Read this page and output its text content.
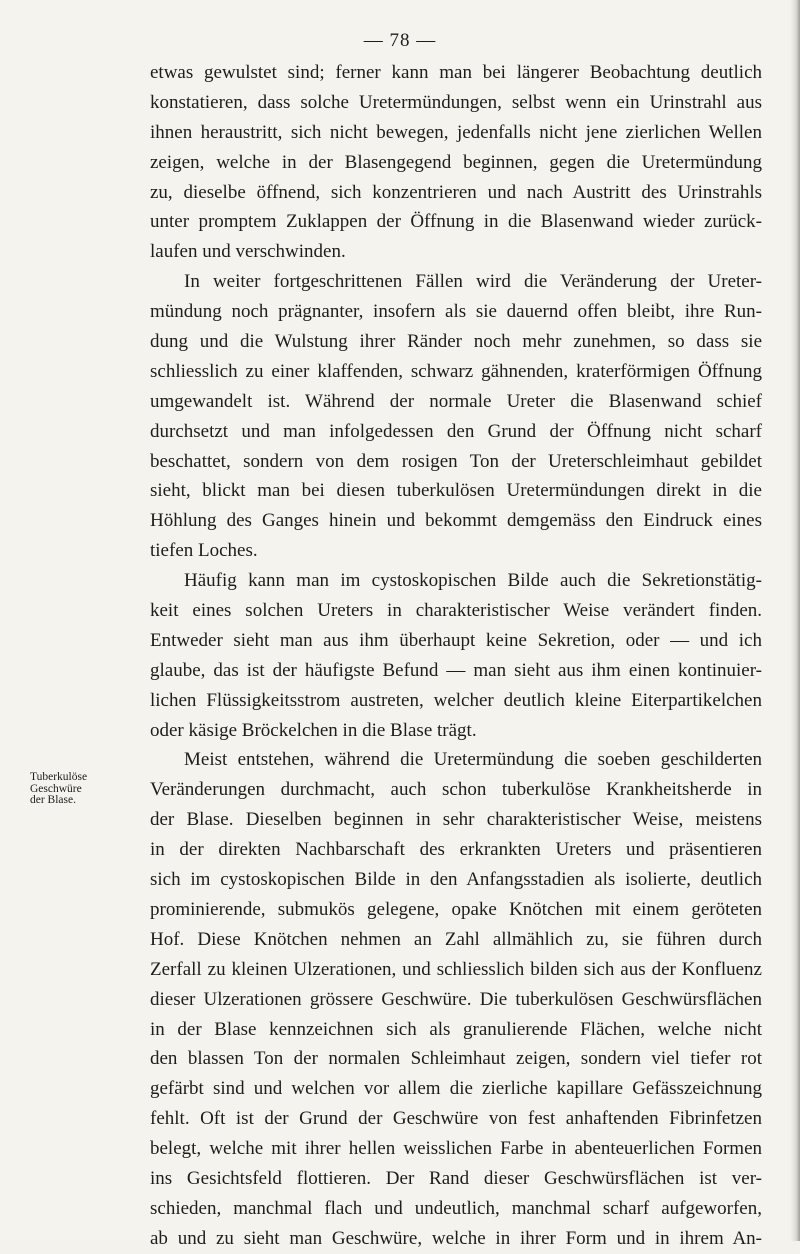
— 78 —
Tuberkulöse
Geschwüre
der Blase.
etwas gewulstet sind; ferner kann man bei längerer Beobachtung deutlich
konstatieren, dass solche Uretermündungen, selbst wenn ein Urinstrahl aus
ihnen heraustritt, sich nicht bewegen, jedenfalls nicht jene zierlichen Wellen
zeigen, welche in der Blasengegend beginnen, gegen die Uretermündung
zu, dieselbe öffnend, sich konzentrieren und nach Austritt des Urinstrahls
unter promptem Zuklappen der Öffnung in die Blasenwand wieder zurück-
laufen und verschwinden.
In weiter fortgeschrittenen Fällen wird die Veränderung der Ureter-
mündung noch prägnanter, insofern als sie dauernd offen bleibt, ihre Run-
dung und die Wulstung ihrer Ränder noch mehr zunehmen, so dass sie
schliesslich zu einer klaffenden, schwarz gähnenden, kraterförmigen Öffnung
umgewandelt ist. Während der normale Ureter die Blasenwand schief
durchsetzt und man infolgedessen den Grund der Öffnung nicht scharf
beschattet, sondern von dem rosigen Ton der Ureterschleimhaut gebildet
sieht, blickt man bei diesen tuberkulösen Uretermündungen direkt in die
Höhlung des Ganges hinein und bekommt demgemäss den Eindruck eines
tiefen Loches.
Häufig kann man im cystoskopischen Bilde auch die Sekretionstätig-
keit eines solchen Ureters in charakteristischer Weise verändert finden.
Entweder sieht man aus ihm überhaupt keine Sekretion, oder — und ich
glaube, das ist der häufigste Befund — man sieht aus ihm einen kontinuier-
lichen Flüssigkeitsstrom austreten, welcher deutlich kleine Eiterpartikelchen
oder käsige Bröckelchen in die Blase trägt.
Meist entstehen, während die Uretermündung die soeben geschilderten
Veränderungen durchmacht, auch schon tuberkulöse Krankheitsherde in
der Blase. Dieselben beginnen in sehr charakteristischer Weise, meistens
in der direkten Nachbarschaft des erkrankten Ureters und präsentieren
sich im cystoskopischen Bilde in den Anfangsstadien als isolierte, deutlich
prominierende, submukös gelegene, opake Knötchen mit einem geröteten
Hof. Diese Knötchen nehmen an Zahl allmählich zu, sie führen durch
Zerfall zu kleinen Ulzerationen, und schliesslich bilden sich aus der Konfluenz
dieser Ulzerationen grössere Geschwüre. Die tuberkulösen Geschwürsflächen
in der Blase kennzeichnen sich als granulierende Flächen, welche nicht
den blassen Ton der normalen Schleimhaut zeigen, sondern viel tiefer rot
gefärbt sind und welchen vor allem die zierliche kapillare Gefässzeichnung
fehlt. Oft ist der Grund der Geschwüre von fest anhaftenden Fibrinfetzen
belegt, welche mit ihrer hellen weisslichen Farbe in abenteuerlichen Formen
ins Gesichtsfeld flottieren. Der Rand dieser Geschwürsflächen ist ver-
schieden, manchmal flach und undeutlich, manchmal scharf aufgeworfen,
ab und zu sieht man Geschwüre, welche in ihrer Form und in ihrem An-
